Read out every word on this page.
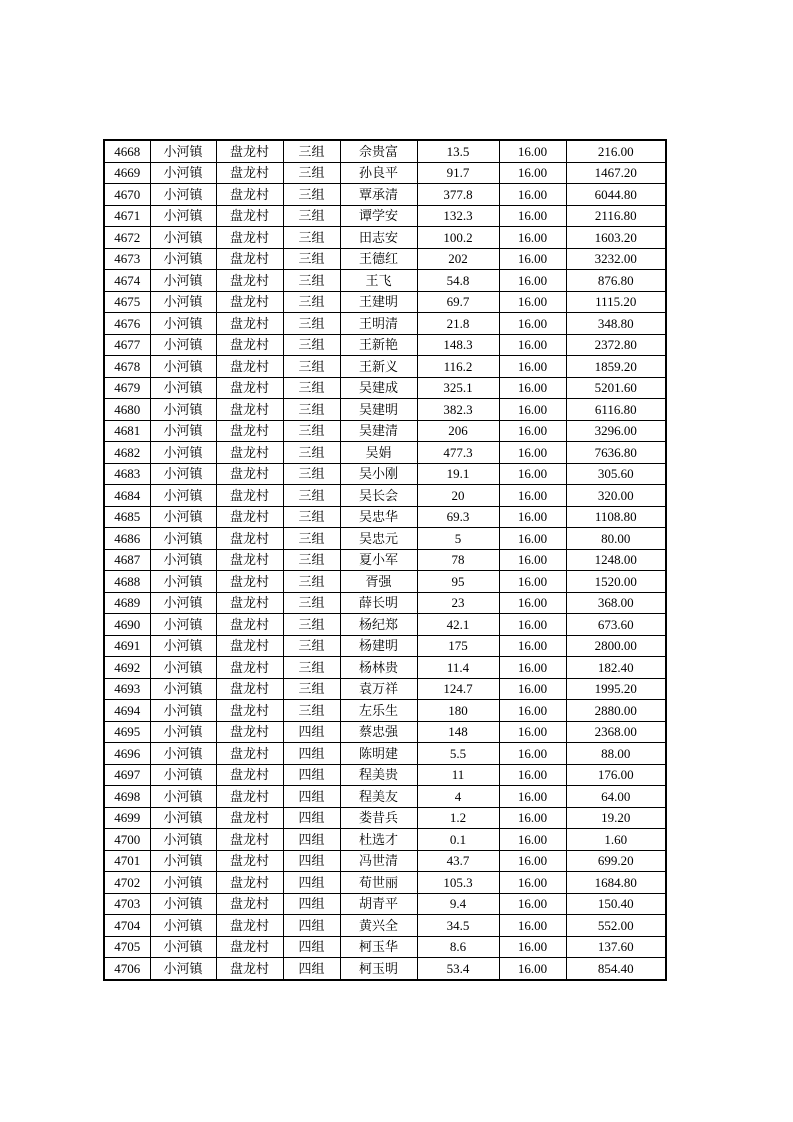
4668	小河镇	盘龙村	三组	佘贵富	13.5	16.00	216.00
4669	小河镇	盘龙村	三组	孙良平	91.7	16.00	1467.20
4670	小河镇	盘龙村	三组	覃承清	377.8	16.00	6044.80
4671	小河镇	盘龙村	三组	谭学安	132.3	16.00	2116.80
4672	小河镇	盘龙村	三组	田志安	100.2	16.00	1603.20
4673	小河镇	盘龙村	三组	王德红	202	16.00	3232.00
4674	小河镇	盘龙村	三组	王飞	54.8	16.00	876.80
4675	小河镇	盘龙村	三组	王建明	69.7	16.00	1115.20
4676	小河镇	盘龙村	三组	王明清	21.8	16.00	348.80
4677	小河镇	盘龙村	三组	王新艳	148.3	16.00	2372.80
4678	小河镇	盘龙村	三组	王新义	116.2	16.00	1859.20
4679	小河镇	盘龙村	三组	吴建成	325.1	16.00	5201.60
4680	小河镇	盘龙村	三组	吴建明	382.3	16.00	6116.80
4681	小河镇	盘龙村	三组	吴建清	206	16.00	3296.00
4682	小河镇	盘龙村	三组	吴娟	477.3	16.00	7636.80
4683	小河镇	盘龙村	三组	吴小刚	19.1	16.00	305.60
4684	小河镇	盘龙村	三组	吴长会	20	16.00	320.00
4685	小河镇	盘龙村	三组	吴忠华	69.3	16.00	1108.80
4686	小河镇	盘龙村	三组	吴忠元	5	16.00	80.00
4687	小河镇	盘龙村	三组	夏小军	78	16.00	1248.00
4688	小河镇	盘龙村	三组	胥强	95	16.00	1520.00
4689	小河镇	盘龙村	三组	薛长明	23	16.00	368.00
4690	小河镇	盘龙村	三组	杨纪郑	42.1	16.00	673.60
4691	小河镇	盘龙村	三组	杨建明	175	16.00	2800.00
4692	小河镇	盘龙村	三组	杨林贵	11.4	16.00	182.40
4693	小河镇	盘龙村	三组	袁万祥	124.7	16.00	1995.20
4694	小河镇	盘龙村	三组	左乐生	180	16.00	2880.00
4695	小河镇	盘龙村	四组	蔡忠强	148	16.00	2368.00
4696	小河镇	盘龙村	四组	陈明建	5.5	16.00	88.00
4697	小河镇	盘龙村	四组	程美贵	11	16.00	176.00
4698	小河镇	盘龙村	四组	程美友	4	16.00	64.00
4699	小河镇	盘龙村	四组	娄昔兵	1.2	16.00	19.20
4700	小河镇	盘龙村	四组	杜选才	0.1	16.00	1.60
4701	小河镇	盘龙村	四组	冯世清	43.7	16.00	699.20
4702	小河镇	盘龙村	四组	荀世丽	105.3	16.00	1684.80
4703	小河镇	盘龙村	四组	胡青平	9.4	16.00	150.40
4704	小河镇	盘龙村	四组	黄兴全	34.5	16.00	552.00
4705	小河镇	盘龙村	四组	柯玉华	8.6	16.00	137.60
4706	小河镇	盘龙村	四组	柯玉明	53.4	16.00	854.40
